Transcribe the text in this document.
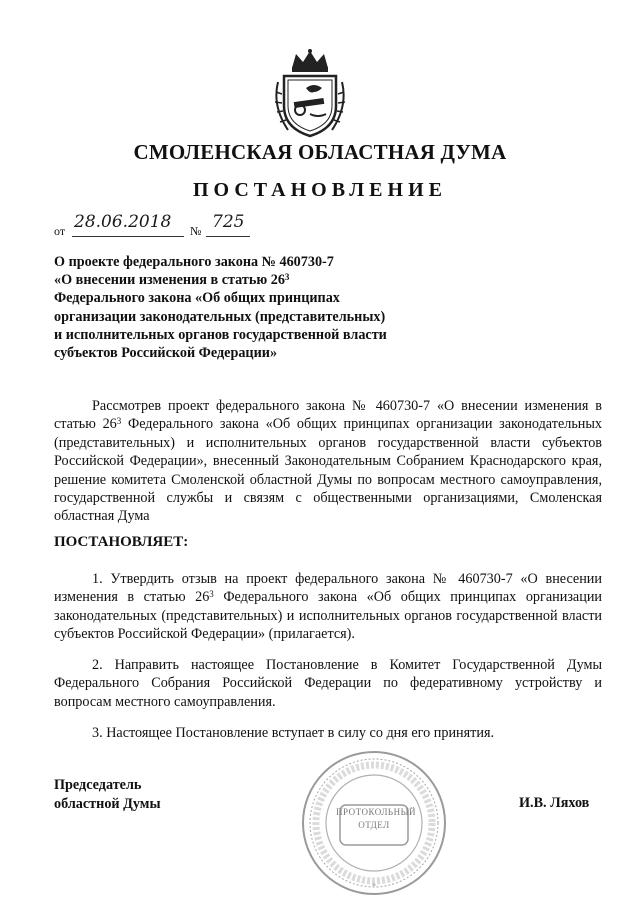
СМОЛЕНСКАЯ ОБЛАСТНАЯ ДУМА
ПОСТАНОВЛЕНИЕ
от 28.06.2018 № 725
О проекте федерального закона № 460730-7
«О внесении изменения в статью $26^3$
Федерального закона «Об общих принципах
организации законодательных (представительных)
и исполнительных органов государственной власти
субъектов Российской Федерации»
Рассмотрев проект федерального закона № 460730-7 «О внесении изменения в статью $26^3$ Федерального закона «Об общих принципах организации законодательных (представительных) и исполнительных органов государственной власти субъектов Российской Федерации», внесенный Законодательным Собранием Краснодарского края, решение комитета Смоленской областной Думы по вопросам местного самоуправления, государственной службы и связям с общественными организациями, Смоленская областная Дума
ПОСТАНОВЛЯЕТ:
1. Утвердить отзыв на проект федерального закона № 460730-7 «О внесении изменения в статью $26^3$ Федерального закона «Об общих принципах организации законодательных (представительных) и исполнительных органов государственной власти субъектов Российской Федерации» (прилагается).
2. Направить настоящее Постановление в Комитет Государственной Думы Федерального Собрания Российской Федерации по федеративному устройству и вопросам местного самоуправления.
3. Настоящее Постановление вступает в силу со дня его принятия.
*
ПРОТОКОЛЬНЫЙ
ОТДЕЛ
Председатель
областной Думы	И.В. Ляхов
